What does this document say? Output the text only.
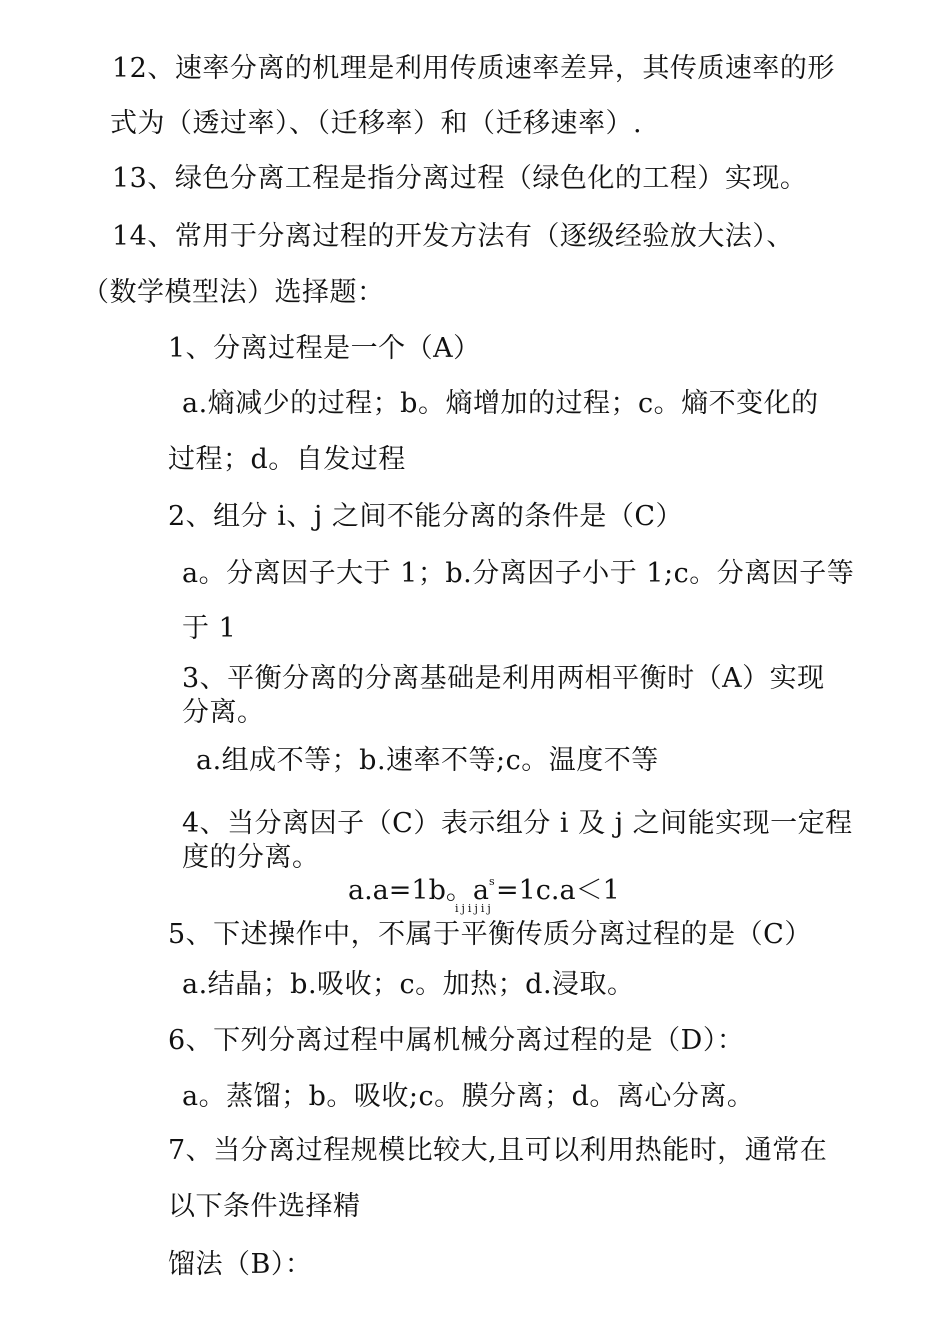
12、速率分离的机理是利用传质速率差异，其传质速率的形
式为（透过率）、（迁移率）和（迁移速率）.
13、绿色分离工程是指分离过程（绿色化的工程）实现。
14、常用于分离过程的开发方法有（逐级经验放大法）、
（数学模型法）选择题：
1、分离过程是一个（A）
a.熵减少的过程；b。熵增加的过程；c。熵不变化的
过程；d。自发过程
2、组分 i、j 之间不能分离的条件是（C）
a。分离因子大于 1；b.分离因子小于 1;c。分离因子等
于 1
3、平衡分离的分离基础是利用两相平衡时（A）实现
分离。
a.组成不等；b.速率不等;c。温度不等
4、当分离因子（C）表示组分 i 及 j 之间能实现一定程
度的分离。
a.a=1b。a s =1c.a＜1
ijijij
5、下述操作中，不属于平衡传质分离过程的是（C）
a.结晶；b.吸收；c。加热；d.浸取。
6、下列分离过程中属机械分离过程的是（D）：
a。蒸馏；b。吸收;c。膜分离；d。离心分离。
7、当分离过程规模比较大,且可以利用热能时，通常在
以下条件选择精
馏法（B）：
